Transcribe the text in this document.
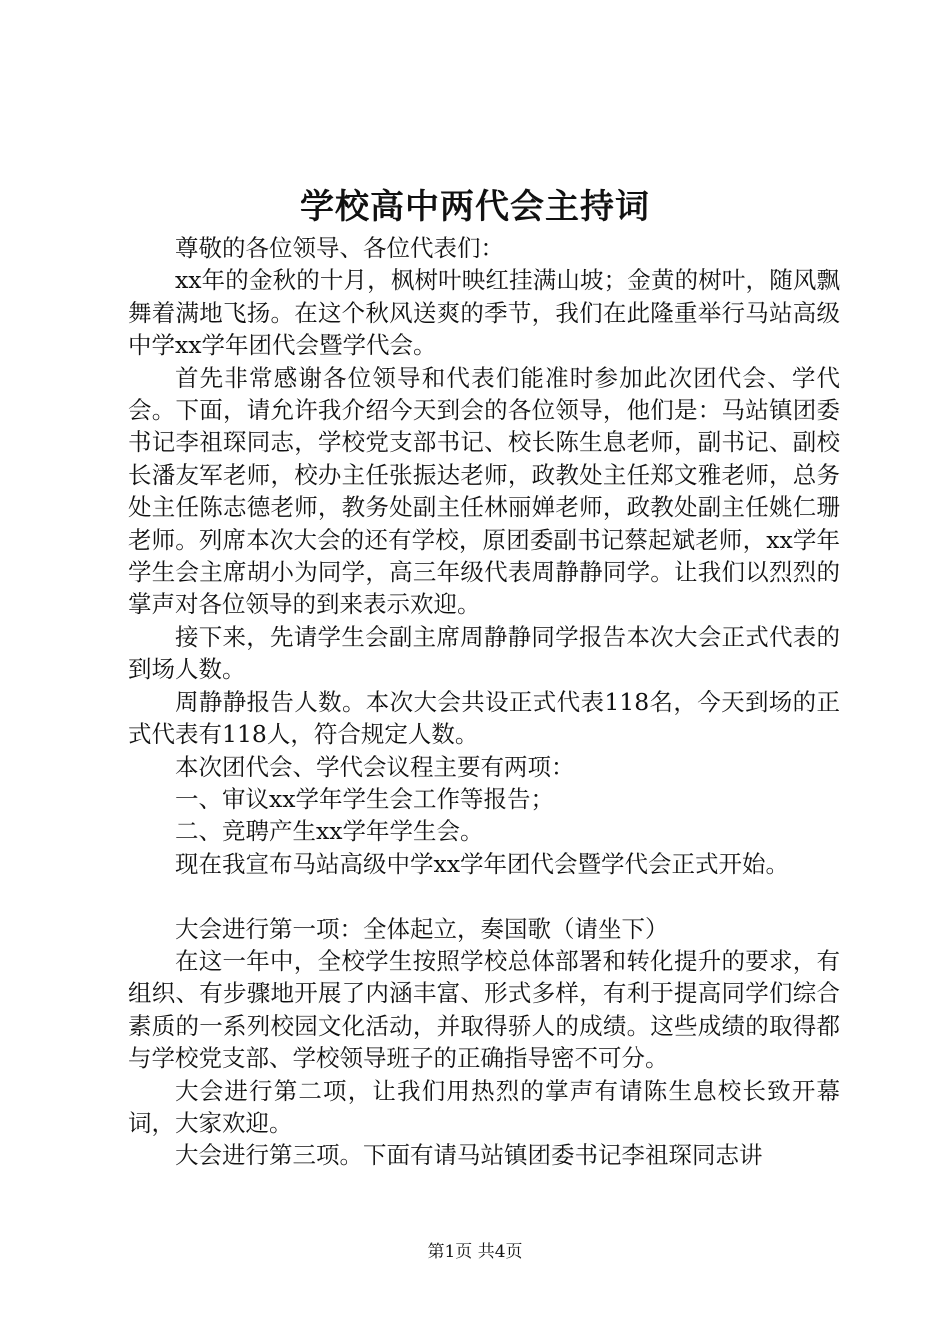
学校高中两代会主持词

尊敬的各位领导、各位代表们：

xx年的金秋的十月，枫树叶映红挂满山坡；金黄的树叶，随风飘舞着满地飞扬。在这个秋风送爽的季节，我们在此隆重举行马站高级中学xx学年团代会暨学代会。

首先非常感谢各位领导和代表们能准时参加此次团代会、学代会。下面，请允许我介绍今天到会的各位领导，他们是：马站镇团委书记李祖琛同志，学校党支部书记、校长陈生息老师，副书记、副校长潘友军老师，校办主任张振达老师，政教处主任郑文雅老师，总务处主任陈志德老师，教务处副主任林丽婵老师，政教处副主任姚仁珊老师。列席本次大会的还有学校，原团委副书记蔡起斌老师，xx学年学生会主席胡小为同学，高三年级代表周静静同学。让我们以烈烈的掌声对各位领导的到来表示欢迎。

接下来，先请学生会副主席周静静同学报告本次大会正式代表的到场人数。

周静静报告人数。本次大会共设正式代表118名，今天到场的正式代表有118人，符合规定人数。

本次团代会、学代会议程主要有两项：

一、审议xx学年学生会工作等报告；

二、竞聘产生xx学年学生会。

现在我宣布马站高级中学xx学年团代会暨学代会正式开始。

大会进行第一项：全体起立，奏国歌（请坐下）

在这一年中，全校学生按照学校总体部署和转化提升的要求，有组织、有步骤地开展了内涵丰富、形式多样，有利于提高同学们综合素质的一系列校园文化活动，并取得骄人的成绩。这些成绩的取得都与学校党支部、学校领导班子的正确指导密不可分。

大会进行第二项，让我们用热烈的掌声有请陈生息校长致开幕词，大家欢迎。

大会进行第三项。下面有请马站镇团委书记李祖琛同志讲

第1页 共4页
